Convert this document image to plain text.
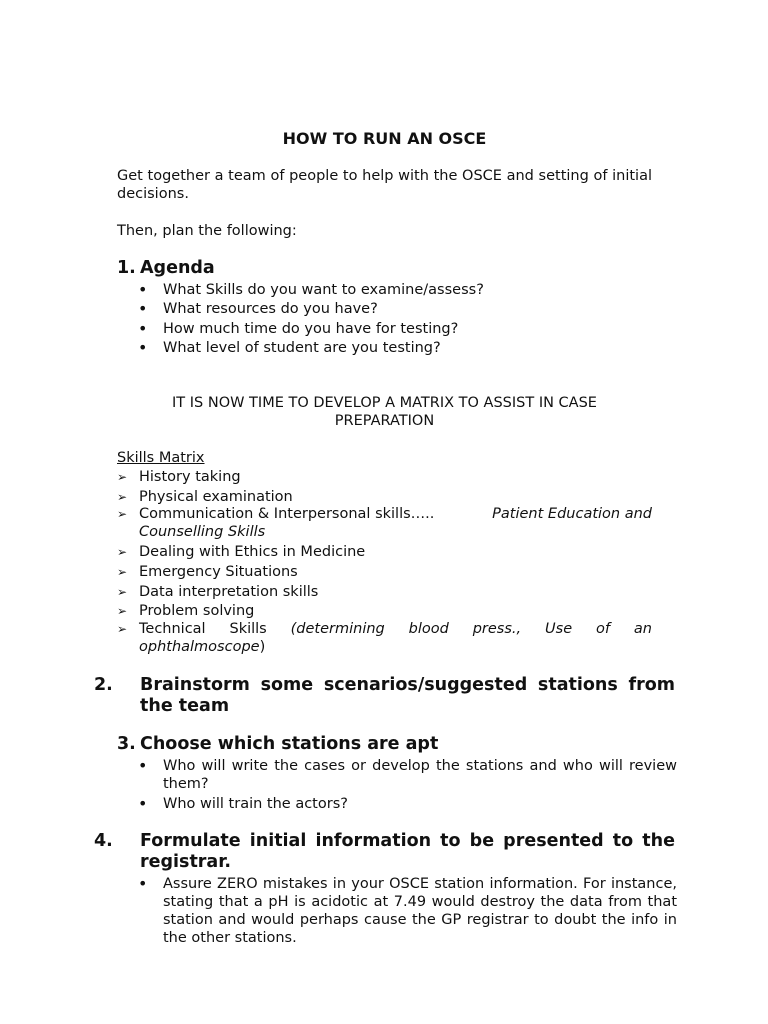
HOW TO RUN AN OSCE
Get together a team of people to help with the OSCE and setting of initial decisions.
Then, plan the following:
1. Agenda
• What Skills do you want to examine/assess?
• What resources do you have?
• How much time do you have for testing?
• What level of student are you testing?
IT IS NOW TIME TO DEVELOP A MATRIX TO ASSIST IN CASE
PREPARATION
Skills Matrix
➢ History taking
➢ Physical examination
➢ Communication & Interpersonal skills…..	Patient Education and
Counselling Skills
➢ Dealing with Ethics in Medicine
➢ Emergency Situations
➢ Data interpretation skills
➢ Problem solving
➢ Technical Skills (determining blood press., Use of an
ophthalmoscope)
2. Brainstorm some scenarios/suggested stations from the team
3. Choose which stations are apt
• Who will write the cases or develop the stations and who will review them?
• Who will train the actors?
4. Formulate initial information to be presented to the registrar.
• Assure ZERO mistakes in your OSCE station information. For instance, stating that a pH is acidotic at 7.49 would destroy the data from that station and would perhaps cause the GP registrar to doubt the info in the other stations.
